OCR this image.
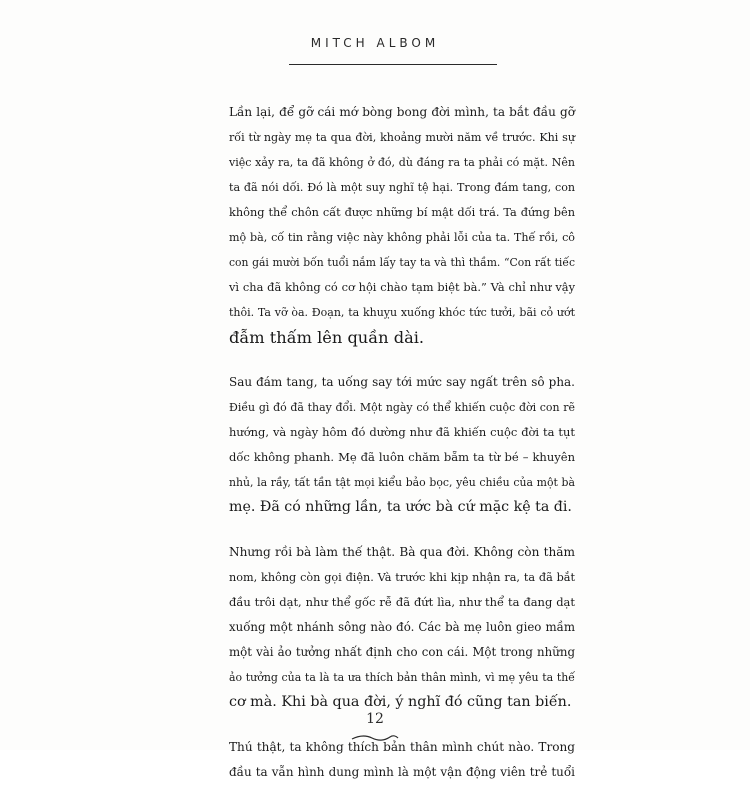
MITCH ALBOM

Lần lại, để gỡ cái mớ bòng bong đời mình, ta bắt đầu gỡ
rối từ ngày mẹ ta qua đời, khoảng mười năm về trước. Khi sự
việc xảy ra, ta đã không ở đó, dù đáng ra ta phải có mặt. Nên
ta đã nói dối. Đó là một suy nghĩ tệ hại. Trong đám tang, con
không thể chôn cất được những bí mật dối trá. Ta đứng bên
mộ bà, cố tin rằng việc này không phải lỗi của ta. Thế rồi, cô
con gái mười bốn tuổi nắm lấy tay ta và thì thầm. “Con rất tiếc
vì cha đã không có cơ hội chào tạm biệt bà.” Và chỉ như vậy
thôi. Ta vỡ òa. Đoạn, ta khuỵu xuống khóc tức tưởi, bãi cỏ ướt
đẫm thấm lên quần dài.

Sau đám tang, ta uống say tới mức say ngất trên sô pha.
Điều gì đó đã thay đổi. Một ngày có thể khiến cuộc đời con rẽ
hướng, và ngày hôm đó dường như đã khiến cuộc đời ta tụt
dốc không phanh. Mẹ đã luôn chăm bẵm ta từ bé – khuyên
nhủ, la rầy, tất tần tật mọi kiểu bảo bọc, yêu chiều của một bà
mẹ. Đã có những lần, ta ước bà cứ mặc kệ ta đi.

Nhưng rồi bà làm thế thật. Bà qua đời. Không còn thăm
nom, không còn gọi điện. Và trước khi kịp nhận ra, ta đã bắt
đầu trôi dạt, như thể gốc rễ đã đứt lìa, như thể ta đang dạt
xuống một nhánh sông nào đó. Các bà mẹ luôn gieo mầm
một vài ảo tưởng nhất định cho con cái. Một trong những
ảo tưởng của ta là ta ưa thích bản thân mình, vì mẹ yêu ta thế
cơ mà. Khi bà qua đời, ý nghĩ đó cũng tan biến.

Thú thật, ta không thích bản thân mình chút nào. Trong
đầu ta vẫn hình dung mình là một vận động viên trẻ tuổi

12
